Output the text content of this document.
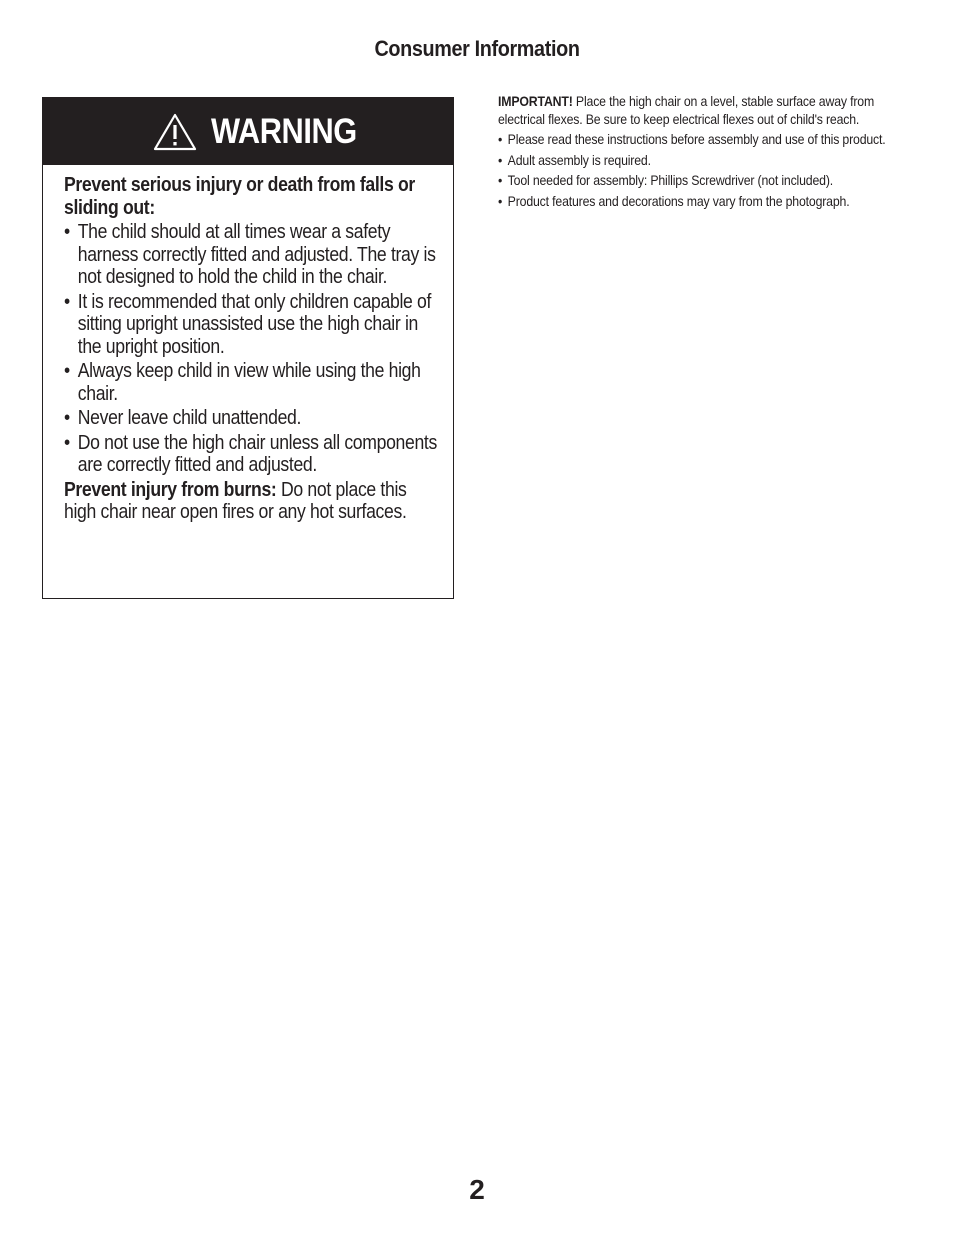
Consumer Information
WARNING
Prevent serious injury or death from falls or sliding out:
• The child should at all times wear a safety harness correctly fitted and adjusted. The tray is not designed to hold the child in the chair.
• It is recommended that only children capable of sitting upright unassisted use the high chair in the upright position.
• Always keep child in view while using the high chair.
• Never leave child unattended.
• Do not use the high chair unless all components are correctly fitted and adjusted.
Prevent injury from burns: Do not place this high chair near open fires or any hot surfaces.

IMPORTANT! Place the high chair on a level, stable surface away from electrical flexes. Be sure to keep electrical flexes out of child's reach.

• Please read these instructions before assembly and use of this product.
• Adult assembly is required.
• Tool needed for assembly: Phillips Screwdriver (not included).
• Product features and decorations may vary from the photograph.
2
